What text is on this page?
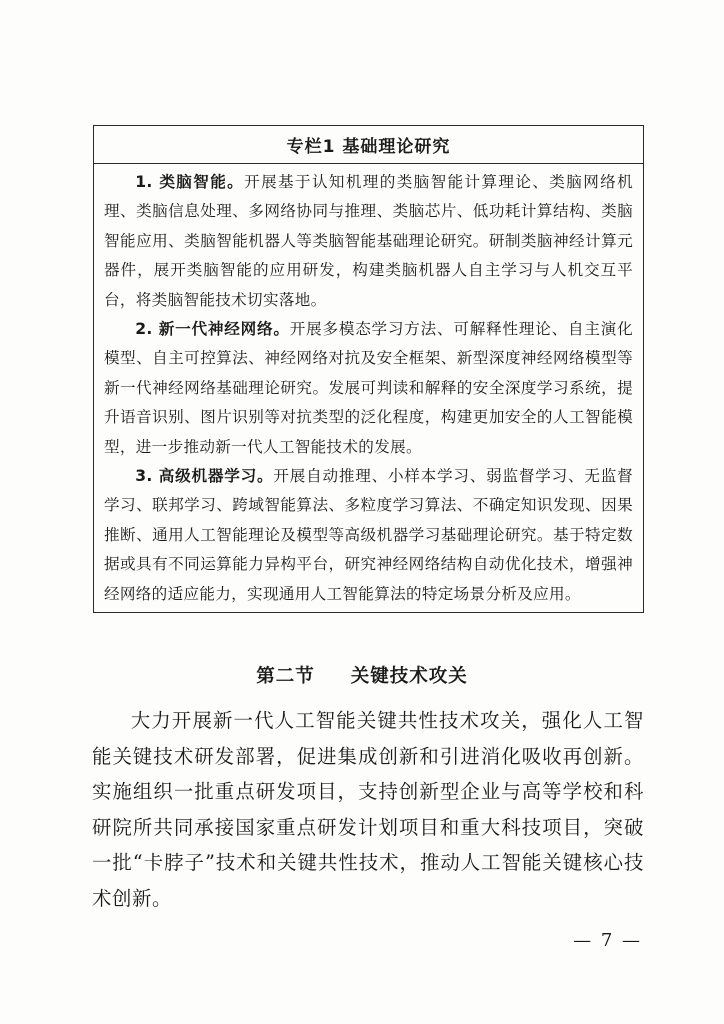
专栏1 基础理论研究

1. 类脑智能。开展基于认知机理的类脑智能计算理论、类脑网络机理、类脑信息处理、多网络协同与推理、类脑芯片、低功耗计算结构、类脑智能应用、类脑智能机器人等类脑智能基础理论研究。研制类脑神经计算元器件，展开类脑智能的应用研发，构建类脑机器人自主学习与人机交互平台，将类脑智能技术切实落地。

2. 新一代神经网络。开展多模态学习方法、可解释性理论、自主演化模型、自主可控算法、神经网络对抗及安全框架、新型深度神经网络模型等新一代神经网络基础理论研究。发展可判读和解释的安全深度学习系统，提升语音识别、图片识别等对抗类型的泛化程度，构建更加安全的人工智能模型，进一步推动新一代人工智能技术的发展。

3. 高级机器学习。开展自动推理、小样本学习、弱监督学习、无监督学习、联邦学习、跨域智能算法、多粒度学习算法、不确定知识发现、因果推断、通用人工智能理论及模型等高级机器学习基础理论研究。基于特定数据或具有不同运算能力异构平台，研究神经网络结构自动优化技术，增强神经网络的适应能力，实现通用人工智能算法的特定场景分析及应用。

第二节 关键技术攻关

大力开展新一代人工智能关键共性技术攻关，强化人工智能关键技术研发部署，促进集成创新和引进消化吸收再创新。实施组织一批重点研发项目，支持创新型企业与高等学校和科研院所共同承接国家重点研发计划项目和重大科技项目，突破一批“卡脖子”技术和关键共性技术，推动人工智能关键核心技术创新。

— 7 —
